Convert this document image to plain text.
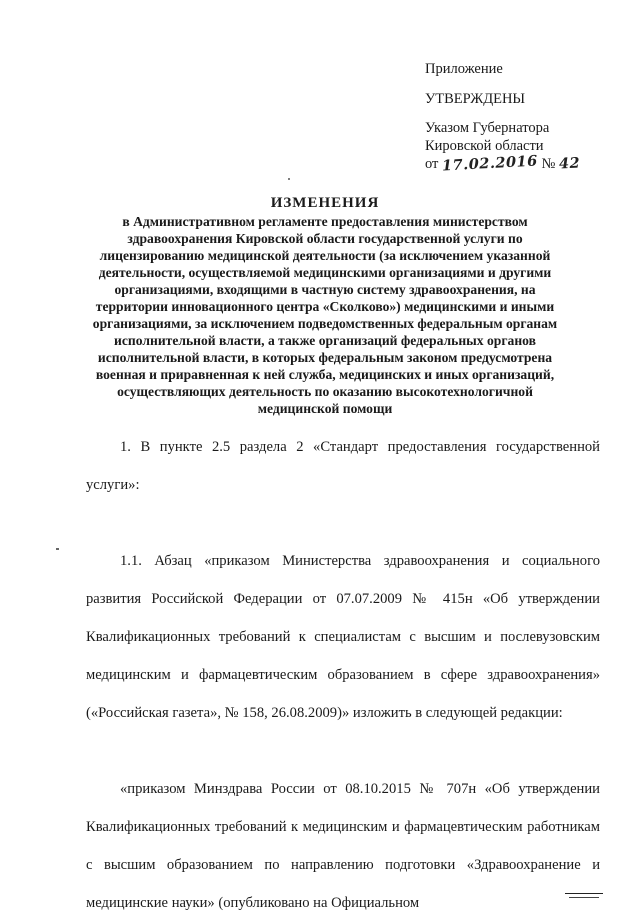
Приложение
УТВЕРЖДЕНЫ
Указом Губернатора
Кировской области
от 17.02.2016 № 42
ИЗМЕНЕНИЯ
в Административном регламенте предоставления министерством
здравоохранения Кировской области государственной услуги по
лицензированию медицинской деятельности (за исключением указанной
деятельности, осуществляемой медицинскими организациями и другими
организациями, входящими в частную систему здравоохранения, на
территории инновационного центра «Сколково») медицинскими и иными
организациями, за исключением подведомственных федеральным органам
исполнительной власти, а также организаций федеральных органов
исполнительной власти, в которых федеральным законом предусмотрена
военная и приравненная к ней служба, медицинских и иных организаций,
осуществляющих деятельность по оказанию высокотехнологичной
медицинской помощи

1. В пункте 2.5 раздела 2 «Стандарт предоставления государственной услуги»:

1.1. Абзац «приказом Министерства здравоохранения и социального развития Российской Федерации от 07.07.2009 № 415н «Об утверждении Квалификационных требований к специалистам с высшим и послевузовским медицинским и фармацевтическим образованием в сфере здравоохранения» («Российская газета», № 158, 26.08.2009)» изложить в следующей редакции:

«приказом Минздрава России от 08.10.2015 № 707н «Об утверждении Квалификационных требований к медицинским и фармацевтическим работникам с высшим образованием по направлению подготовки «Здравоохранение и медицинские науки» (опубликовано на Официальном
